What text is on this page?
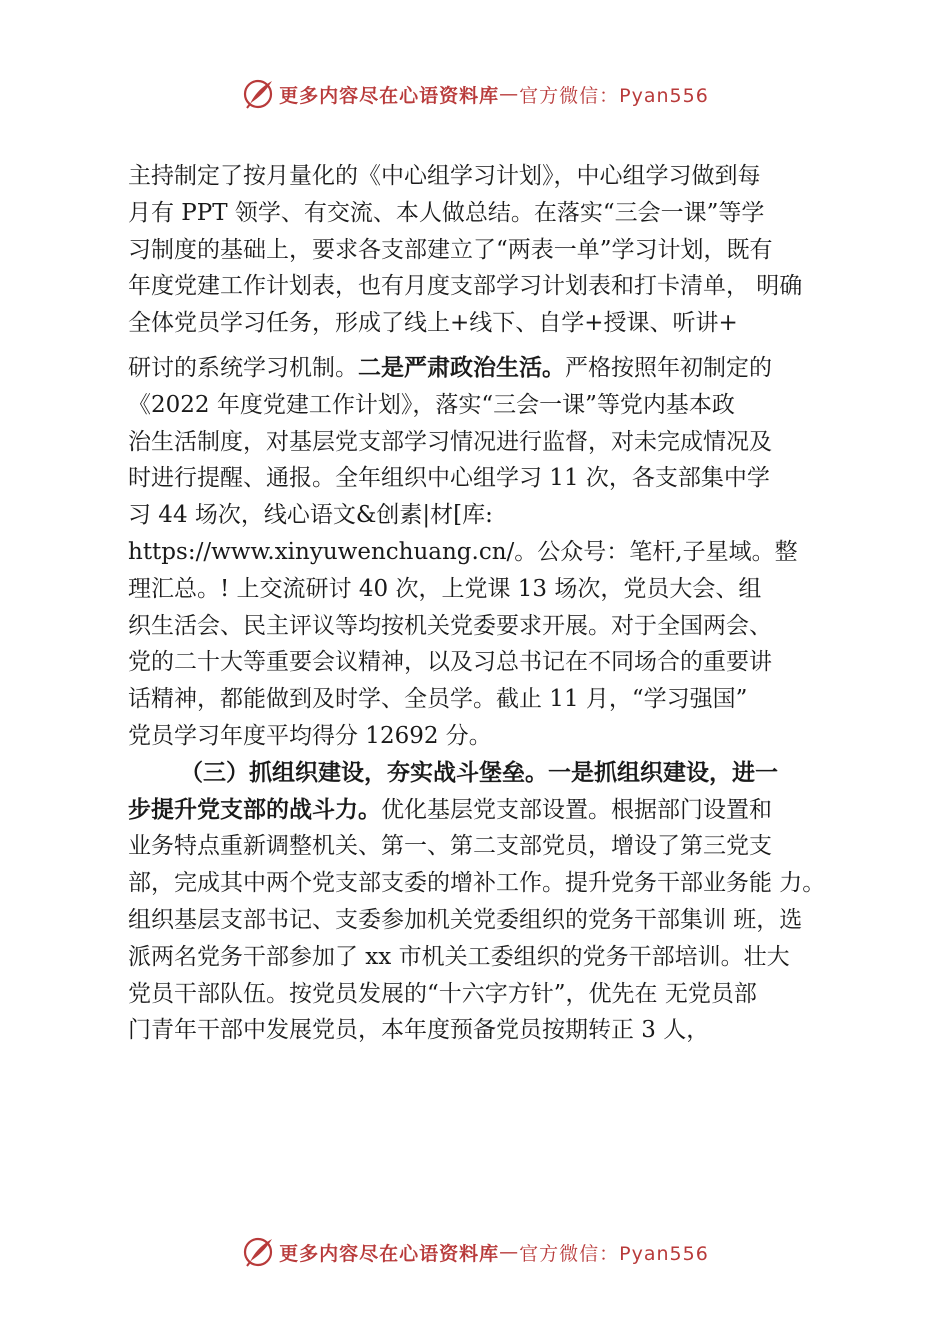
更多内容尽在心语资料库 — 官方微信：Pyan556
主持制定了按月量化的《中心组学习计划》，中心组学习做到每
月有 PPT 领学、有交流、本人做总结。在落实“三会一课”等学
习制度的基础上，要求各支部建立了“两表一单”学习计划，既有
年度党建工作计划表，也有月度支部学习计划表和打卡清单， 明确
全体党员学习任务，形成了线上+线下、自学+授课、听讲+
研讨的系统学习机制。二是严肃政治生活。严格按照年初制定的
《2022 年度党建工作计划》，落实“三会一课”等党内基本政
治生活制度，对基层党支部学习情况进行监督，对未完成情况及
时进行提醒、通报。全年组织中心组学习 11 次，各支部集中学
习 44 场次，线心语文&创素|材[库:
https://www.xinyuwenchuang.cn/。公众号：笔杆,子星域。整
理汇总。! 上交流研讨 40 次，上党课 13 场次，党员大会、组
织生活会、民主评议等均按机关党委要求开展。对于全国两会、
党的二十大等重要会议精神，以及习总书记在不同场合的重要讲
话精神，都能做到及时学、全员学。截止 11 月，“学习强国”
党员学习年度平均得分 12692 分。
（三）抓组织建设，夯实战斗堡垒。一是抓组织建设，进一
步提升党支部的战斗力。优化基层党支部设置。根据部门设置和
业务特点重新调整机关、第一、第二支部党员，增设了第三党支
部，完成其中两个党支部支委的增补工作。提升党务干部业务能 力。
组织基层支部书记、支委参加机关党委组织的党务干部集训 班，选
派两名党务干部参加了 xx 市机关工委组织的党务干部培训。壮大
党员干部队伍。按党员发展的“十六字方针”，优先在 无党员部
门青年干部中发展党员，本年度预备党员按期转正 3 人，
更多内容尽在心语资料库 — 官方微信：Pyan556
